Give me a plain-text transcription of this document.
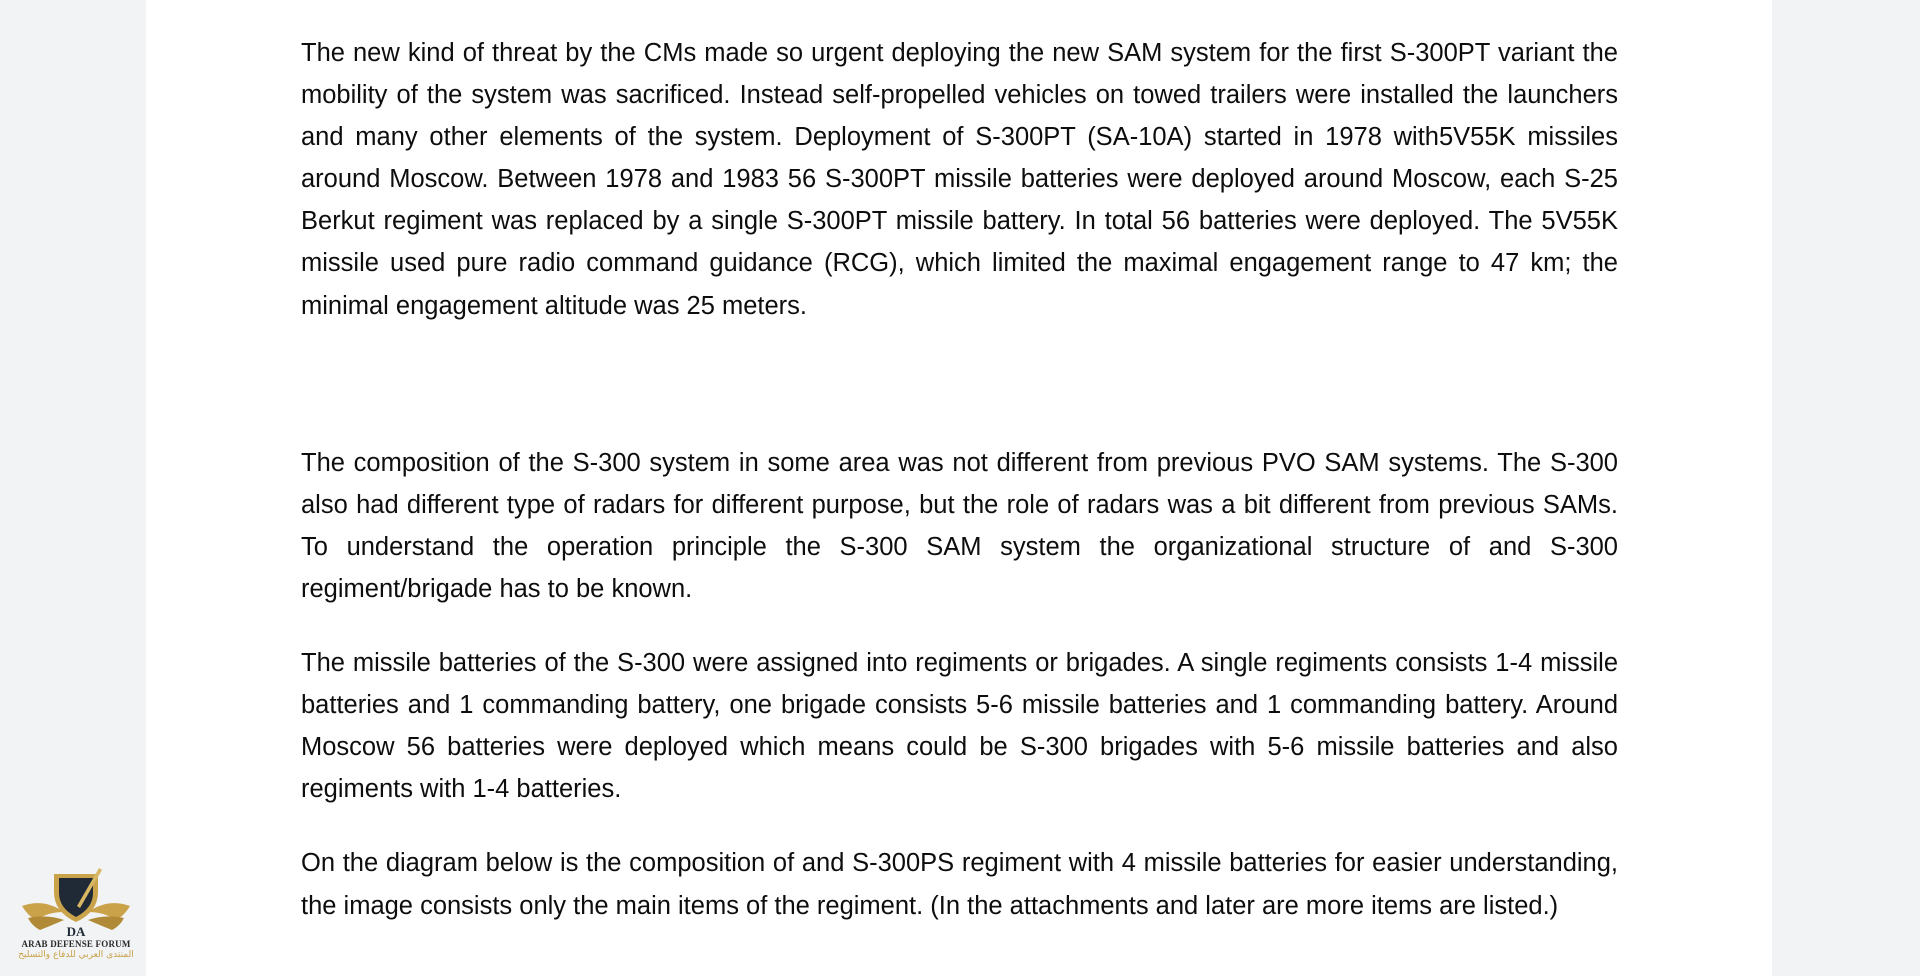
The new kind of threat by the CMs made so urgent deploying the new SAM system for the first S-300PT variant the mobility of the system was sacrificed. Instead self-propelled vehicles on towed trailers were installed the launchers and many other elements of the system. Deployment of S-300PT (SA-10A) started in 1978 with5V55K missiles around Moscow. Between 1978 and 1983 56 S-300PT missile batteries were deployed around Moscow, each S-25 Berkut regiment was replaced by a single S-300PT missile battery. In total 56 batteries were deployed. The 5V55K missile used pure radio command guidance (RCG), which limited the maximal engagement range to 47 km; the minimal engagement altitude was 25 meters.

The composition of the S-300 system in some area was not different from previous PVO SAM systems. The S-300 also had different type of radars for different purpose, but the role of radars was a bit different from previous SAMs. To understand the operation principle the S-300 SAM system the organizational structure of and S-300 regiment/brigade has to be known.

The missile batteries of the S-300 were assigned into regiments or brigades. A single regiments consists 1-4 missile batteries and 1 commanding battery, one brigade consists 5-6 missile batteries and 1 commanding battery. Around Moscow 56 batteries were deployed which means could be S-300 brigades with 5-6 missile batteries and also regiments with 1-4 batteries.

On the diagram below is the composition of and S-300PS regiment with 4 missile batteries for easier understanding, the image consists only the main items of the regiment. (In the attachments and later are more items are listed.)

DA
ARAB DEFENSE FORUM
المنتدى العربي للدفاع والتسليح
